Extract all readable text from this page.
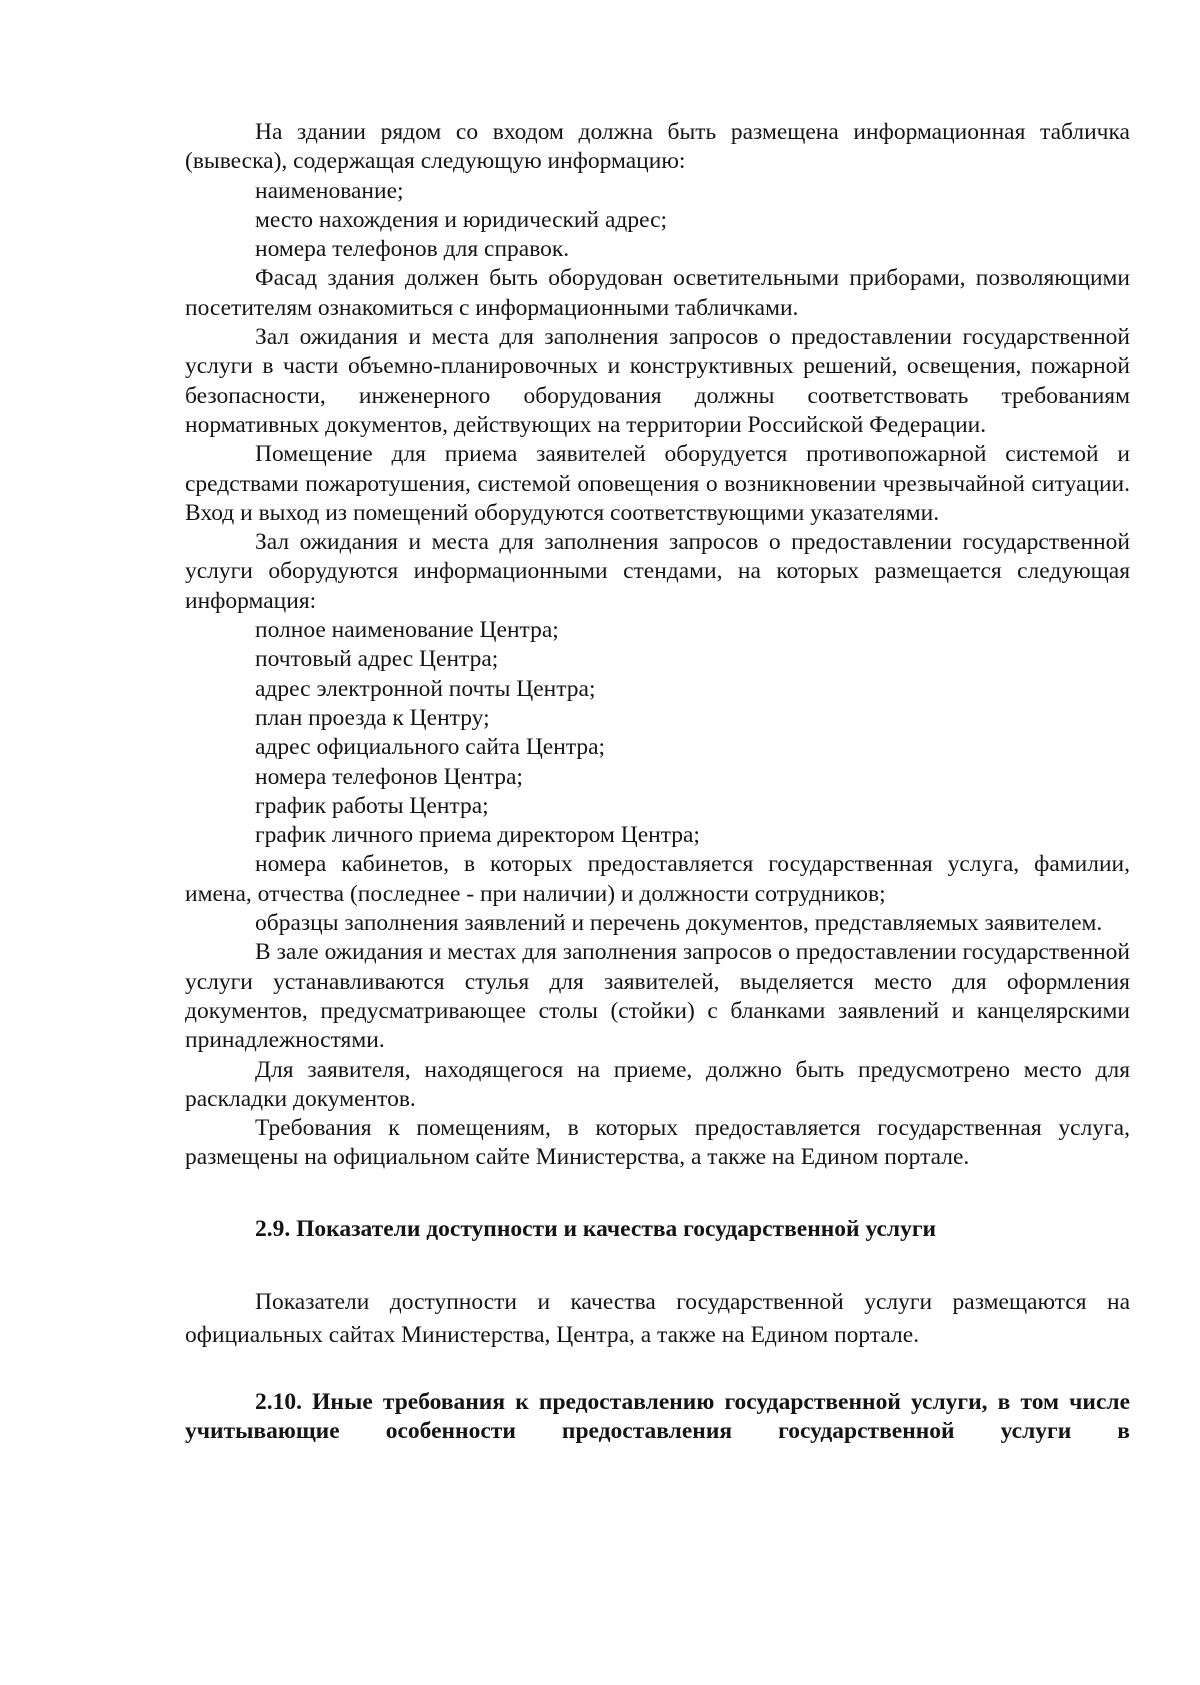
На здании рядом со входом должна быть размещена информационная табличка (вывеска), содержащая следующую информацию:

наименование;

место нахождения и юридический адрес;

номера телефонов для справок.

Фасад здания должен быть оборудован осветительными приборами, позволяющими посетителям ознакомиться с информационными табличками.

Зал ожидания и места для заполнения запросов о предоставлении государственной услуги в части объемно-планировочных и конструктивных решений, освещения, пожарной безопасности, инженерного оборудования должны соответствовать требованиям нормативных документов, действующих на территории Российской Федерации.

Помещение для приема заявителей оборудуется противопожарной системой и средствами пожаротушения, системой оповещения о возникновении чрезвычайной ситуации. Вход и выход из помещений оборудуются соответствующими указателями.

Зал ожидания и места для заполнения запросов о предоставлении государственной услуги оборудуются информационными стендами, на которых размещается следующая информация:

полное наименование Центра;

почтовый адрес Центра;

адрес электронной почты Центра;

план проезда к Центру;

адрес официального сайта Центра;

номера телефонов Центра;

график работы Центра;

график личного приема директором Центра;

номера кабинетов, в которых предоставляется государственная услуга, фамилии, имена, отчества (последнее - при наличии) и должности сотрудников;

образцы заполнения заявлений и перечень документов, представляемых заявителем.

В зале ожидания и местах для заполнения запросов о предоставлении государственной услуги устанавливаются стулья для заявителей, выделяется место для оформления документов, предусматривающее столы (стойки) с бланками заявлений и канцелярскими принадлежностями.

Для заявителя, находящегося на приеме, должно быть предусмотрено место для раскладки документов.

Требования к помещениям, в которых предоставляется государственная услуга, размещены на официальном сайте Министерства, а также на Едином портале.

2.9. Показатели доступности и качества государственной услуги

Показатели доступности и качества государственной услуги размещаются на официальных сайтах Министерства, Центра, а также на Едином портале.

2.10. Иные требования к предоставлению государственной услуги, в том числе учитывающие особенности предоставления государственной услуги в
